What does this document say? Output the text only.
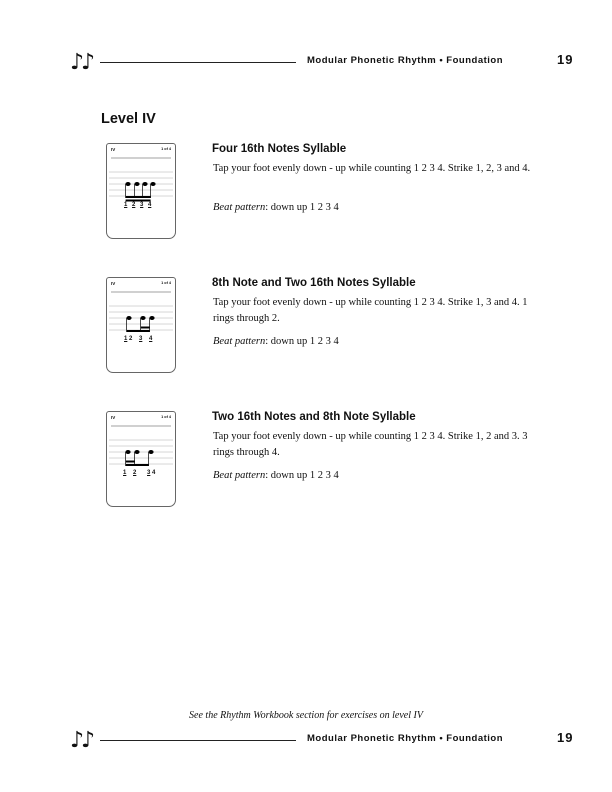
♪♪	Modular Phonetic Rhythm • Foundation	19
Level IV
IV	1 of 4
1 2 3 4
Four 16th Notes Syllable
Tap your foot evenly down - up while counting 1 2 3 4. Strike 1, 2, 3 and 4.
Beat pattern: down up 1 2 3 4
IV	1 of 4
1 2 3 4
8th Note and Two 16th Notes Syllable
Tap your foot evenly down - up while counting 1 2 3 4. Strike 1, 3 and 4. 1 rings through 2.
Beat pattern: down up 1 2 3 4
IV	1 of 4
1 2 3 4
Two 16th Notes and 8th Note Syllable
Tap your foot evenly down - up while counting 1 2 3 4. Strike 1, 2 and 3. 3 rings through 4.
Beat pattern: down up 1 2 3 4
See the Rhythm Workbook section for exercises on level IV
♪♪	Modular Phonetic Rhythm • Foundation	19
